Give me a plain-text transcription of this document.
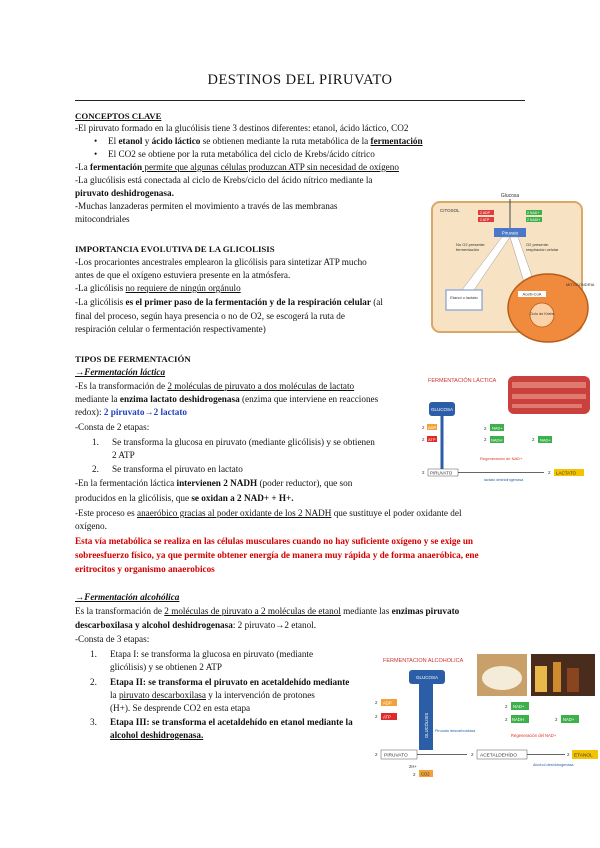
DESTINOS DEL PIRUVATO
CONCEPTOS CLAVE
-El piruvato formado en la glucólisis tiene 3 destinos diferentes: etanol, ácido láctico, CO2
• El etanol y ácido láctico se obtienen mediante la ruta metabólica de la fermentación
• El CO2 se obtiene por la ruta metabólica del ciclo de Krebs/ácido cítrico
-La fermentación permite que algunas células produzcan ATP sin necesidad de oxígeno
-La glucólisis está conectada al ciclo de Krebs/ciclo del ácido nítrico mediante la
piruvato deshidrogenasa.
-Muchas lanzaderas permiten el movimiento a través de las membranas
mitocondriales
IMPORTANCIA EVOLUTIVA DE LA GLICOLISIS
-Los procariontes ancestrales emplearon la glicólisis para sintetizar ATP mucho
antes de que el oxígeno estuviera presente en la atmósfera.
-La glicólisis no requiere de ningún orgánulo
-La glicólisis es el primer paso de la fermentación y de la respiración celular (al
final del proceso, según haya presencia o no de O2, se escogerá la ruta de
respiración celular o fermentación respectivamente)
TIPOS DE FERMENTACIÓN
→Fermentación láctica
-Es la transformación de 2 moléculas de piruvato a dos moléculas de lactato
mediante la enzima lactato deshidrogenasa (enzima que interviene en reacciones
redox): 2 piruvato→2 lactato
-Consta de 2 etapas:
1. Se transforma la glucosa en piruvato (mediante glicólisis) y se obtienen
2 ATP
2. Se transforma el piruvato en lactato
-En la fermentación láctica intervienen 2 NADH (poder reductor), que son
producidos en la glicólisis, que se oxidan a 2 NAD+ + H+.
-Este proceso es anaeróbico gracias al poder oxidante de los 2 NADH que sustituye el poder oxidante del
oxígeno.
Esta vía metabólica se realiza en las células musculares cuando no hay suficiente oxígeno y se exige un
sobreesfuerzo físico, ya que permite obtener energía de manera muy rápida y de forma anaeróbica, ene
eritrocitos y organismo anaerobicos
→Fermentación alcohólica
Es la transformación de 2 moléculas de piruvato a 2 moléculas de etanol mediante las enzimas piruvato
descarboxilasa y alcohol deshidrogenasa: 2 piruvato→2 etanol.
-Consta de 3 etapas:
1. Etapa I: se transforma la glucosa en piruvato (mediante
glicólisis) y se obtienen 2 ATP
2. Etapa II: se transforma el piruvato en acetaldehído mediante
la piruvato descarboxilasa y la intervención de protones
(H+). Se desprende CO2 en esta etapa
3. Etapa III: se transforma el acetaldehído en etanol mediante la
alcohol deshidrogenasa.
Glucosa
CITOSOL	2 ADP
2 ATP
2 NAD+
2 NADH
Piruvato
No O2 presente:
fermentación
O2 presente:
respiración celular
Etanol o lactato
MITOCONDRIA
Acetil-CoA
Ciclo de Krebs
FERMENTACIÓN LÁCTICA
GLUCOSA
2 ADP
2 ATP
2 NAD+
2 NADH	2 NAD+
Regeneración de NAD+
2 PIRUVATO	2 LACTATO
lactato deshidrogenasa
FERMENTACION ALCOHOLICA
GLUCOSA
GLUCÓLISIS
2 ADP
2 ATP
2 NAD+
2 NADH	2 NAD+
Regeneración del NAD+
Piruvato descarboxilasa
2 PIRUVATO	2 ACETALDEHÍDO	2 ETANOL
Alcohol deshidrogenasa
2H+
2 CO2
